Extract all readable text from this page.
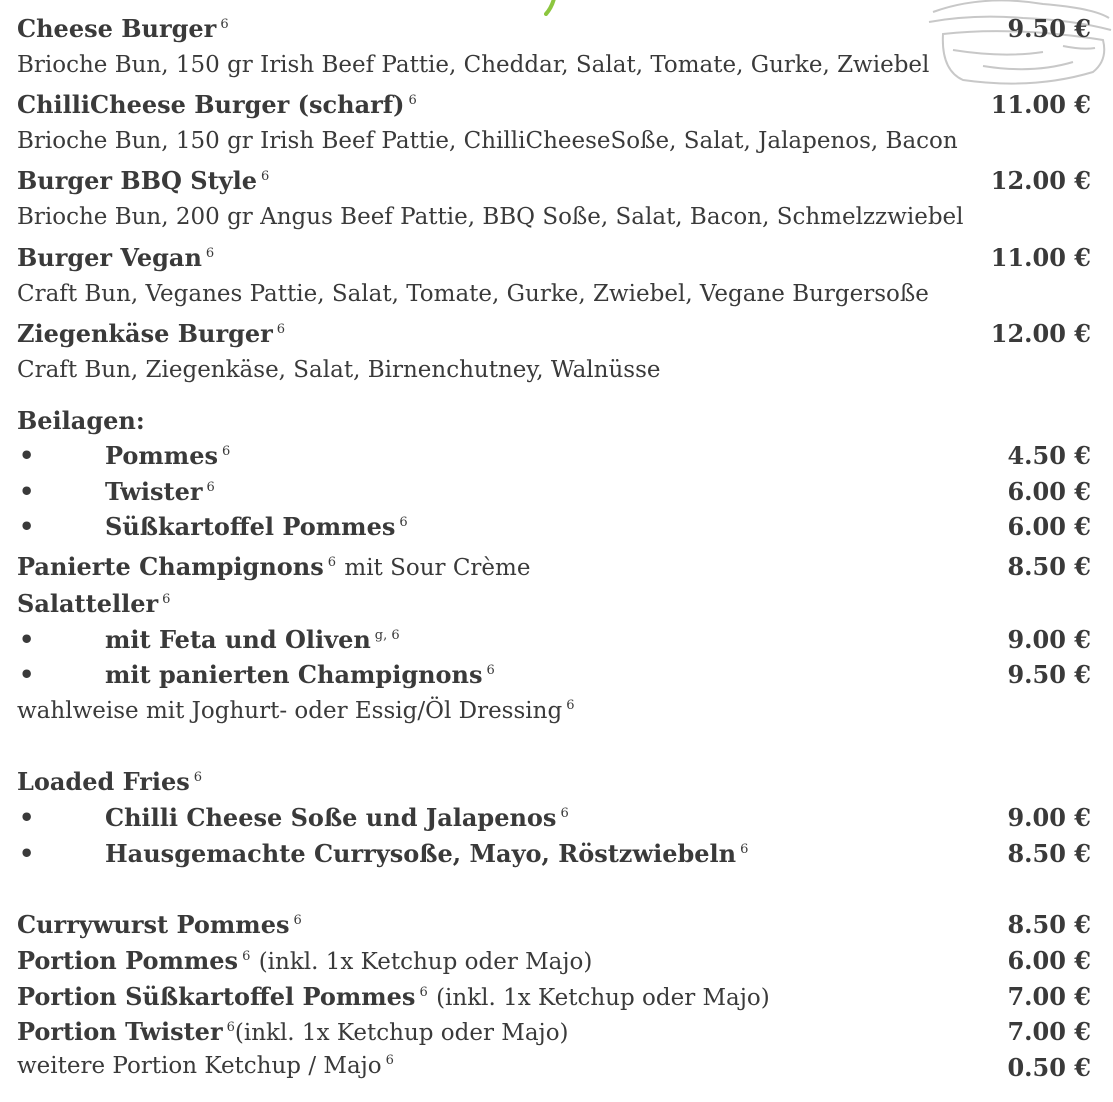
Cheese Burger $^6$	9.50 €
Brioche Bun, 150 gr Irish Beef Pattie, Cheddar, Salat, Tomate, Gurke, Zwiebel
ChilliCheese Burger (scharf) $^6$	11.00 €
Brioche Bun, 150 gr Irish Beef Pattie, ChilliCheeseSoße, Salat, Jalapenos, Bacon
Burger BBQ Style $^6$	12.00 €
Brioche Bun, 200 gr Angus Beef Pattie, BBQ Soße, Salat, Bacon, Schmelzzwiebel
Burger Vegan $^6$	11.00 €
Craft Bun, Veganes Pattie, Salat, Tomate, Gurke, Zwiebel, Vegane Burgersoße
Ziegenkäse Burger $^6$	12.00 €
Craft Bun, Ziegenkäse, Salat, Birnenchutney, Walnüsse
Beilagen:
•	Pommes $^6$	4.50 €
•	Twister $^6$	6.00 €
•	Süßkartoffel Pommes $^6$	6.00 €
Panierte Champignons $^6$ mit Sour Crème	8.50 €
Salatteller $^6$
•	mit Feta und Oliven $^{g, 6}$	9.00 €
•	mit panierten Champignons $^6$	9.50 €
wahlweise mit Joghurt- oder Essig/Öl Dressing $^6$
Loaded Fries $^6$
•	Chilli Cheese Soße und Jalapenos $^6$	9.00 €
•	Hausgemachte Currysoße, Mayo, Röstzwiebeln $^6$	8.50 €
Currywurst Pommes $^6$	8.50 €
Portion Pommes $^6$ (inkl. 1x Ketchup oder Majo)	6.00 €
Portion Süßkartoffel Pommes $^6$ (inkl. 1x Ketchup oder Majo)	7.00 €
Portion Twister $^6$(inkl. 1x Ketchup oder Majo)	7.00 €
weitere Portion Ketchup / Majo $^6$	0.50 €
